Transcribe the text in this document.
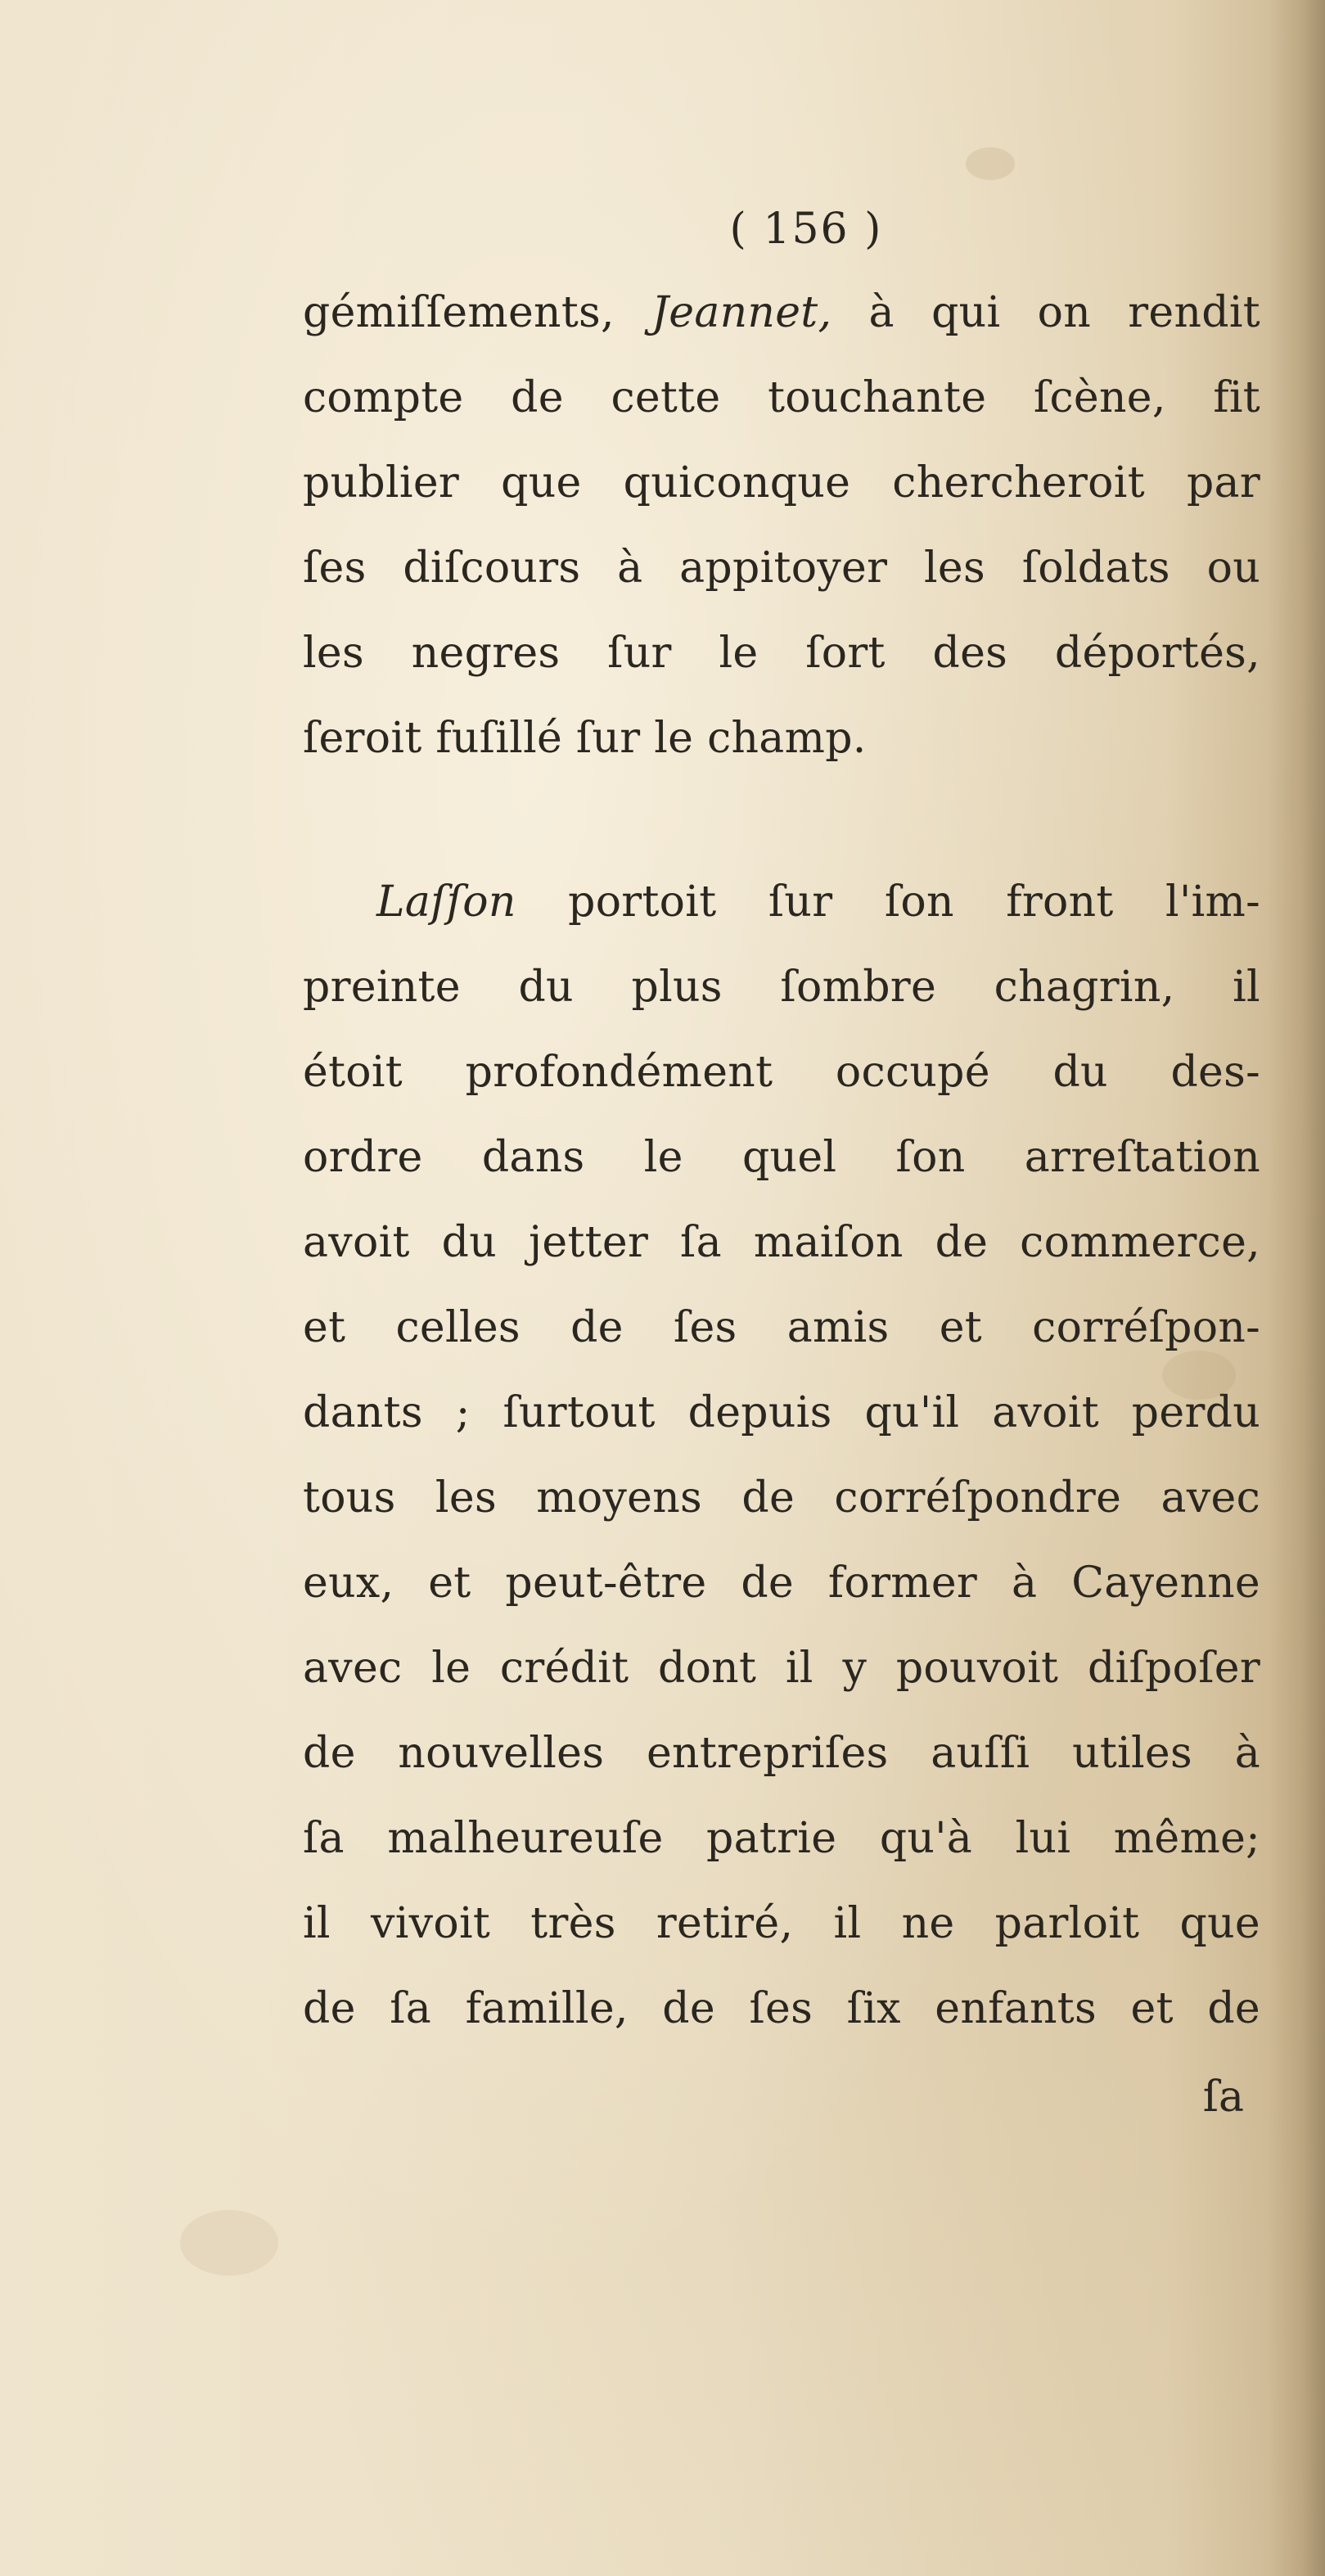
( 156 )
gémiſſements, Jeannet, à qui on rendit
compte de cette touchante ſcène, fit
publier que quiconque chercheroit par
ſes diſcours à appitoyer les ſoldats ou
les negres ſur le ſort des déportés,
ſeroit fuſillé ſur le champ.
Laſſon portoit ſur ſon front l'im-
preinte du plus ſombre chagrin, il
étoit profondément occupé du des-
ordre dans le quel ſon arreſtation
avoit du jetter ſa maiſon de commerce,
et celles de ſes amis et corréſpon-
dants ; ſurtout depuis qu'il avoit perdu
tous les moyens de corréſpondre avec
eux, et peut-être de former à Cayenne
avec le crédit dont il y pouvoit diſpoſer
de nouvelles entrepriſes auſſi utiles à
ſa malheureuſe patrie qu'à lui même;
il vivoit très retiré, il ne parloit que
de ſa famille, de ſes ſix enfants et de
ſa
